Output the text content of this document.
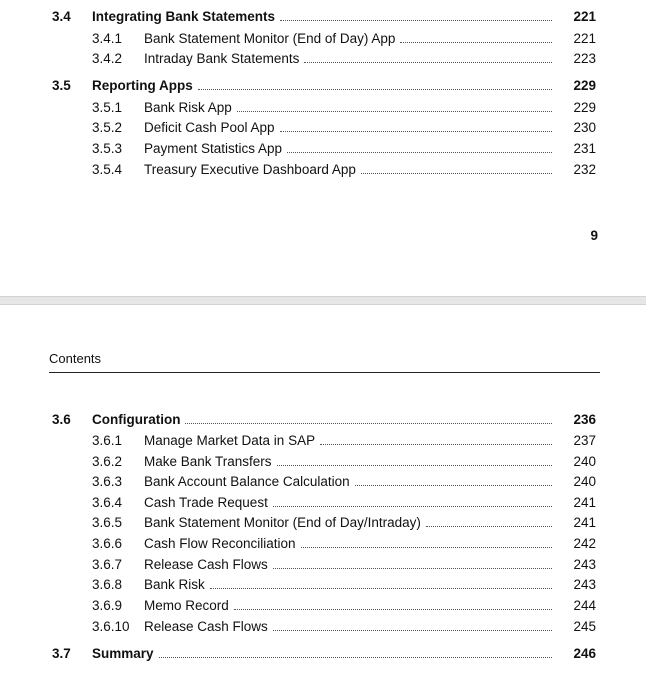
3.4 Integrating Bank Statements	221
3.4.1 Bank Statement Monitor (End of Day) App	221
3.4.2 Intraday Bank Statements	223
3.5 Reporting Apps	229
3.5.1 Bank Risk App	229
3.5.2 Deficit Cash Pool App	230
3.5.3 Payment Statistics App	231
3.5.4 Treasury Executive Dashboard App	232
9
Contents
3.6 Configuration	236
3.6.1 Manage Market Data in SAP	237
3.6.2 Make Bank Transfers	240
3.6.3 Bank Account Balance Calculation	240
3.6.4 Cash Trade Request	241
3.6.5 Bank Statement Monitor (End of Day/Intraday)	241
3.6.6 Cash Flow Reconciliation	242
3.6.7 Release Cash Flows	243
3.6.8 Bank Risk	243
3.6.9 Memo Record	244
3.6.10 Release Cash Flows	245
3.7 Summary	246
